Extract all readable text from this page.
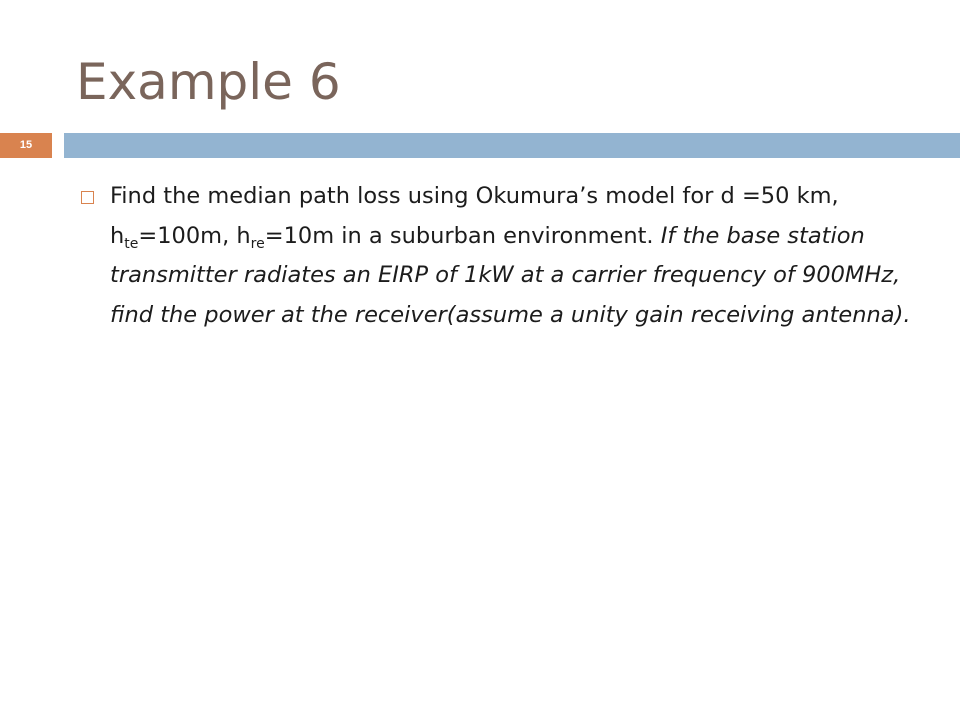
Example 6
15
Find the median path loss using Okumura’s model for d =50 km, $h_{te}=100m$, $h_{re}=10m$ in a suburban environment. If the base station transmitter radiates an EIRP of 1kW at a carrier frequency of 900MHz, find the power at the receiver(assume a unity gain receiving antenna).
